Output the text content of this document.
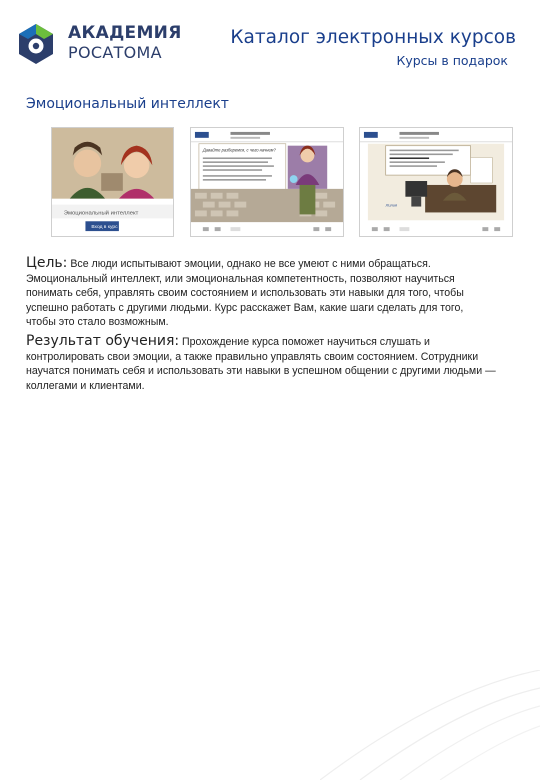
АКАДЕМИЯ
РОСАТОМА
Каталог электронных курсов
Курсы в подарок
Эмоциональный интеллект
Эмоциональный интеллект
Вход в курс
Давайте разберемся, с чего начнем?
Лилия

Цель: Все люди испытывают эмоции, однако не все умеют с ними обращаться. Эмоциональный интеллект, или эмоциональная компетентность, позволяют научиться понимать себя, управлять своим состоянием и использовать эти навыки для того, чтобы успешно работать с другими людьми. Курс расскажет Вам, какие шаги сделать для того, чтобы это стало возможным.

Результат обучения: Прохождение курса поможет научиться слушать и контролировать свои эмоции, а также правильно управлять своим состоянием. Сотрудники научатся понимать себя и использовать эти навыки в успешном общении с другими людьми — коллегами и клиентами.
